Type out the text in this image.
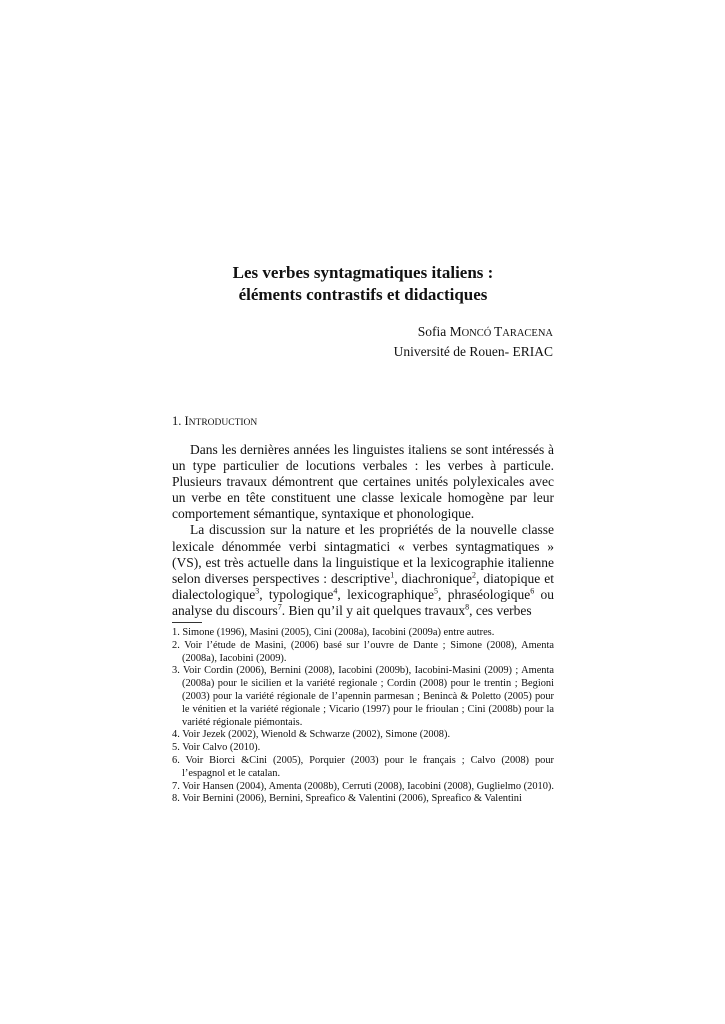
Les verbes syntagmatiques italiens :
éléments contrastifs et didactiques
Sofia MONCÓ TARACENA
Université de Rouen- ERIAC
1. INTRODUCTION

Dans les dernières années les linguistes italiens se sont intéressés à un type particulier de locutions verbales : les verbes à particule. Plusieurs travaux démontrent que certaines unités polylexicales avec un verbe en tête constituent une classe lexicale homogène par leur comportement sémantique, syntaxique et phonologique.

La discussion sur la nature et les propriétés de la nouvelle classe lexicale dénommée verbi sintagmatici « verbes syntagmatiques » (VS), est très actuelle dans la linguistique et la lexicographie italienne selon diverses perspectives : descriptive$^1$, diachronique$^2$, diatopique et dialectologique$^3$, typologique$^4$, lexicographique$^5$, phraséologique$^6$ ou analyse du discours$^7$. Bien qu’il y ait quelques travaux$^8$, ces verbes

1. Simone (1996), Masini (2005), Cini (2008a), Iacobini (2009a) entre autres.

2. Voir l’étude de Masini, (2006) basé sur l’ouvre de Dante ; Simone (2008), Amenta (2008a), Iacobini (2009).

3. Voir Cordin (2006), Bernini (2008), Iacobini (2009b), Iacobini-Masini (2009) ; Amenta (2008a) pour le sicilien et la variété regionale ; Cordin (2008) pour le trentin ; Begioni (2003) pour la variété régionale de l’apennin parmesan ; Benincà & Poletto (2005) pour le vénitien et la variété régionale ; Vicario (1997) pour le frioulan ; Cini (2008b) pour la variété régionale piémontais.

4. Voir Jezek (2002), Wienold & Schwarze (2002), Simone (2008).

5. Voir Calvo (2010).

6. Voir Biorci &Cini (2005), Porquier (2003) pour le français ; Calvo (2008) pour l’espagnol et le catalan.

7. Voir Hansen (2004), Amenta (2008b), Cerruti (2008), Iacobini (2008), Guglielmo (2010).

8. Voir Bernini (2006), Bernini, Spreafico & Valentini (2006), Spreafico & Valentini
